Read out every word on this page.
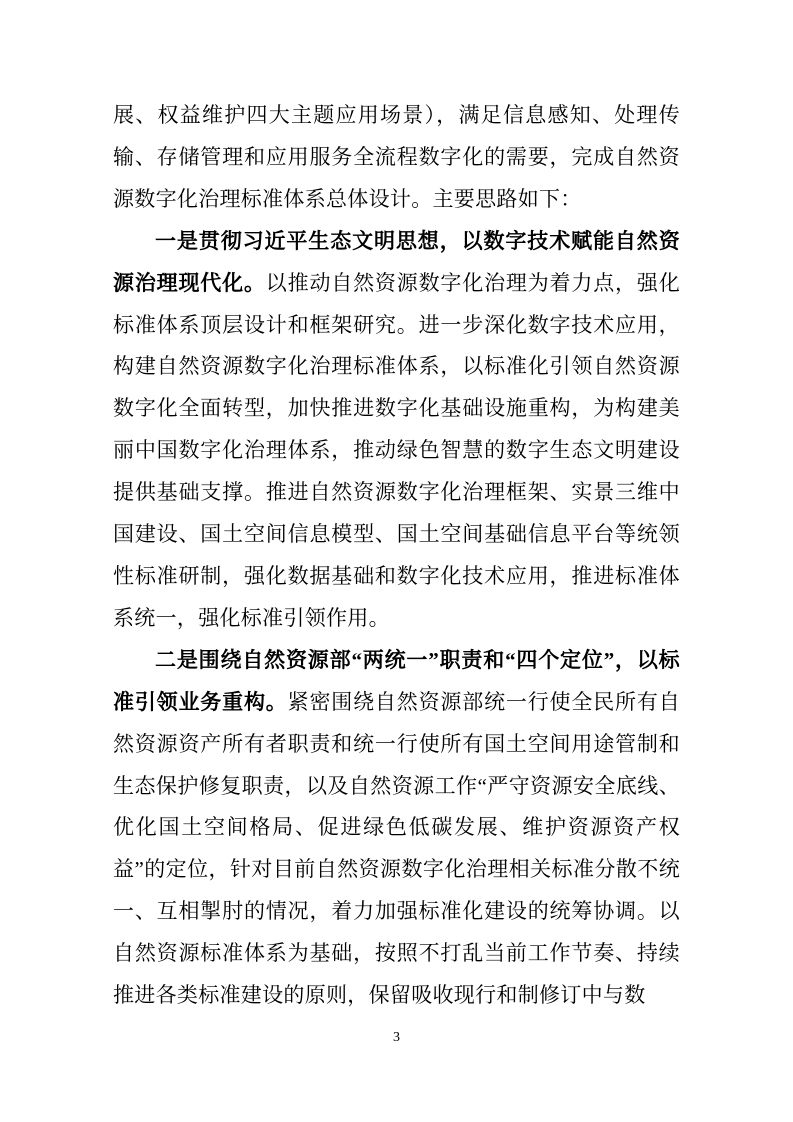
展、权益维护四大主题应用场景），满足信息感知、处理传输、存储管理和应用服务全流程数字化的需要，完成自然资源数字化治理标准体系总体设计。主要思路如下：

一是贯彻习近平生态文明思想，以数字技术赋能自然资源治理现代化。以推动自然资源数字化治理为着力点，强化标准体系顶层设计和框架研究。进一步深化数字技术应用，构建自然资源数字化治理标准体系，以标准化引领自然资源数字化全面转型，加快推进数字化基础设施重构，为构建美丽中国数字化治理体系，推动绿色智慧的数字生态文明建设提供基础支撑。推进自然资源数字化治理框架、实景三维中国建设、国土空间信息模型、国土空间基础信息平台等统领性标准研制，强化数据基础和数字化技术应用，推进标准体系统一，强化标准引领作用。

二是围绕自然资源部“两统一”职责和“四个定位”，以标准引领业务重构。紧密围绕自然资源部统一行使全民所有自然资源资产所有者职责和统一行使所有国土空间用途管制和生态保护修复职责，以及自然资源工作“严守资源安全底线、优化国土空间格局、促进绿色低碳发展、维护资源资产权益”的定位，针对目前自然资源数字化治理相关标准分散不统一、互相掣肘的情况，着力加强标准化建设的统筹协调。以自然资源标准体系为基础，按照不打乱当前工作节奏、持续推进各类标准建设的原则，保留吸收现行和制修订中与数

3
